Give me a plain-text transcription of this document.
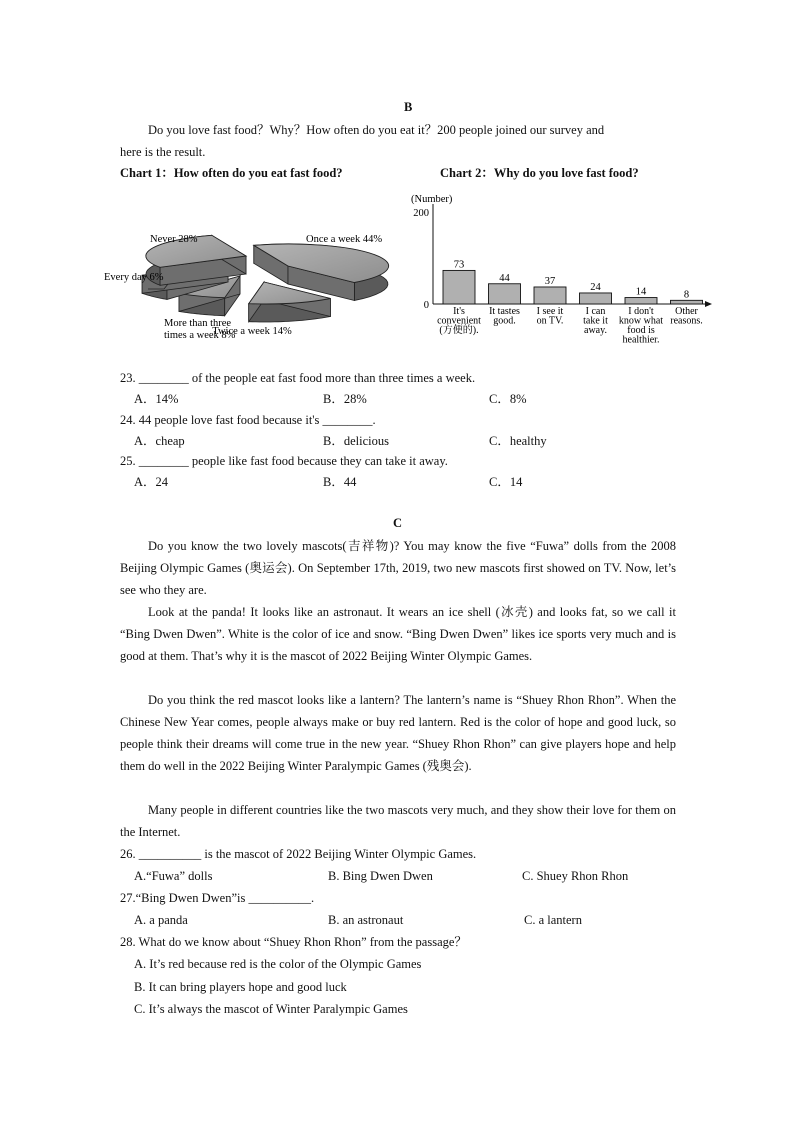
B
Do you love fast food？Why？How often do you eat it？200 people joined our survey and
here is the result.
Chart 1：How often do you eat fast food?	Chart 2：Why do you love fast food?
Once a week 44%
Twice a week 14%
More than three
times a week 8%
Every day 6%
Never 28%
(Number)
200
0
73
It's
convenient
(方便的).
44
It tastes
good.
37
I see it
on TV.
24
I can
take it
away.
14
I don't
know what
food is
healthier.
8
Other
reasons.
23. ________ of the people eat fast food more than three times a week.
A．14%	B．28%	C．8%
24. 44 people love fast food because it's ________.
A．cheap	B．delicious	C．healthy
25. ________ people like fast food because they can take it away.
A．24	B．44	C．14
C
Do you know the two lovely mascots(吉祥物)? You may know the five “Fuwa” dolls from the 2008 Beijing Olympic Games (奥运会). On September 17th, 2019, two new mascots first showed on TV. Now, let’s see who they are.
Look at the panda! It looks like an astronaut. It wears an ice shell (冰壳) and looks fat, so we call it “Bing Dwen Dwen”. White is the color of ice and snow. “Bing Dwen Dwen” likes ice sports very much and is good at them. That’s why it is the mascot of 2022 Beijing Winter Olympic Games.
Do you think the red mascot looks like a lantern? The lantern’s name is “Shuey Rhon Rhon”. When the Chinese New Year comes, people always make or buy red lantern. Red is the color of hope and good luck, so people think their dreams will come true in the new year. “Shuey Rhon Rhon” can give players hope and help them do well in the 2022 Beijing Winter Paralympic Games (残奥会).
Many people in different countries like the two mascots very much, and they show their love for them on the Internet.
26. __________ is the mascot of 2022 Beijing Winter Olympic Games.
A.“Fuwa” dolls	B. Bing Dwen Dwen	C. Shuey Rhon Rhon
27.“Bing Dwen Dwen”is __________.
A. a panda	B. an astronaut	C. a lantern
28. What do we know about “Shuey Rhon Rhon” from the passage？
A. It’s red because red is the color of the Olympic Games
B. It can bring players hope and good luck
C. It’s always the mascot of Winter Paralympic Games
